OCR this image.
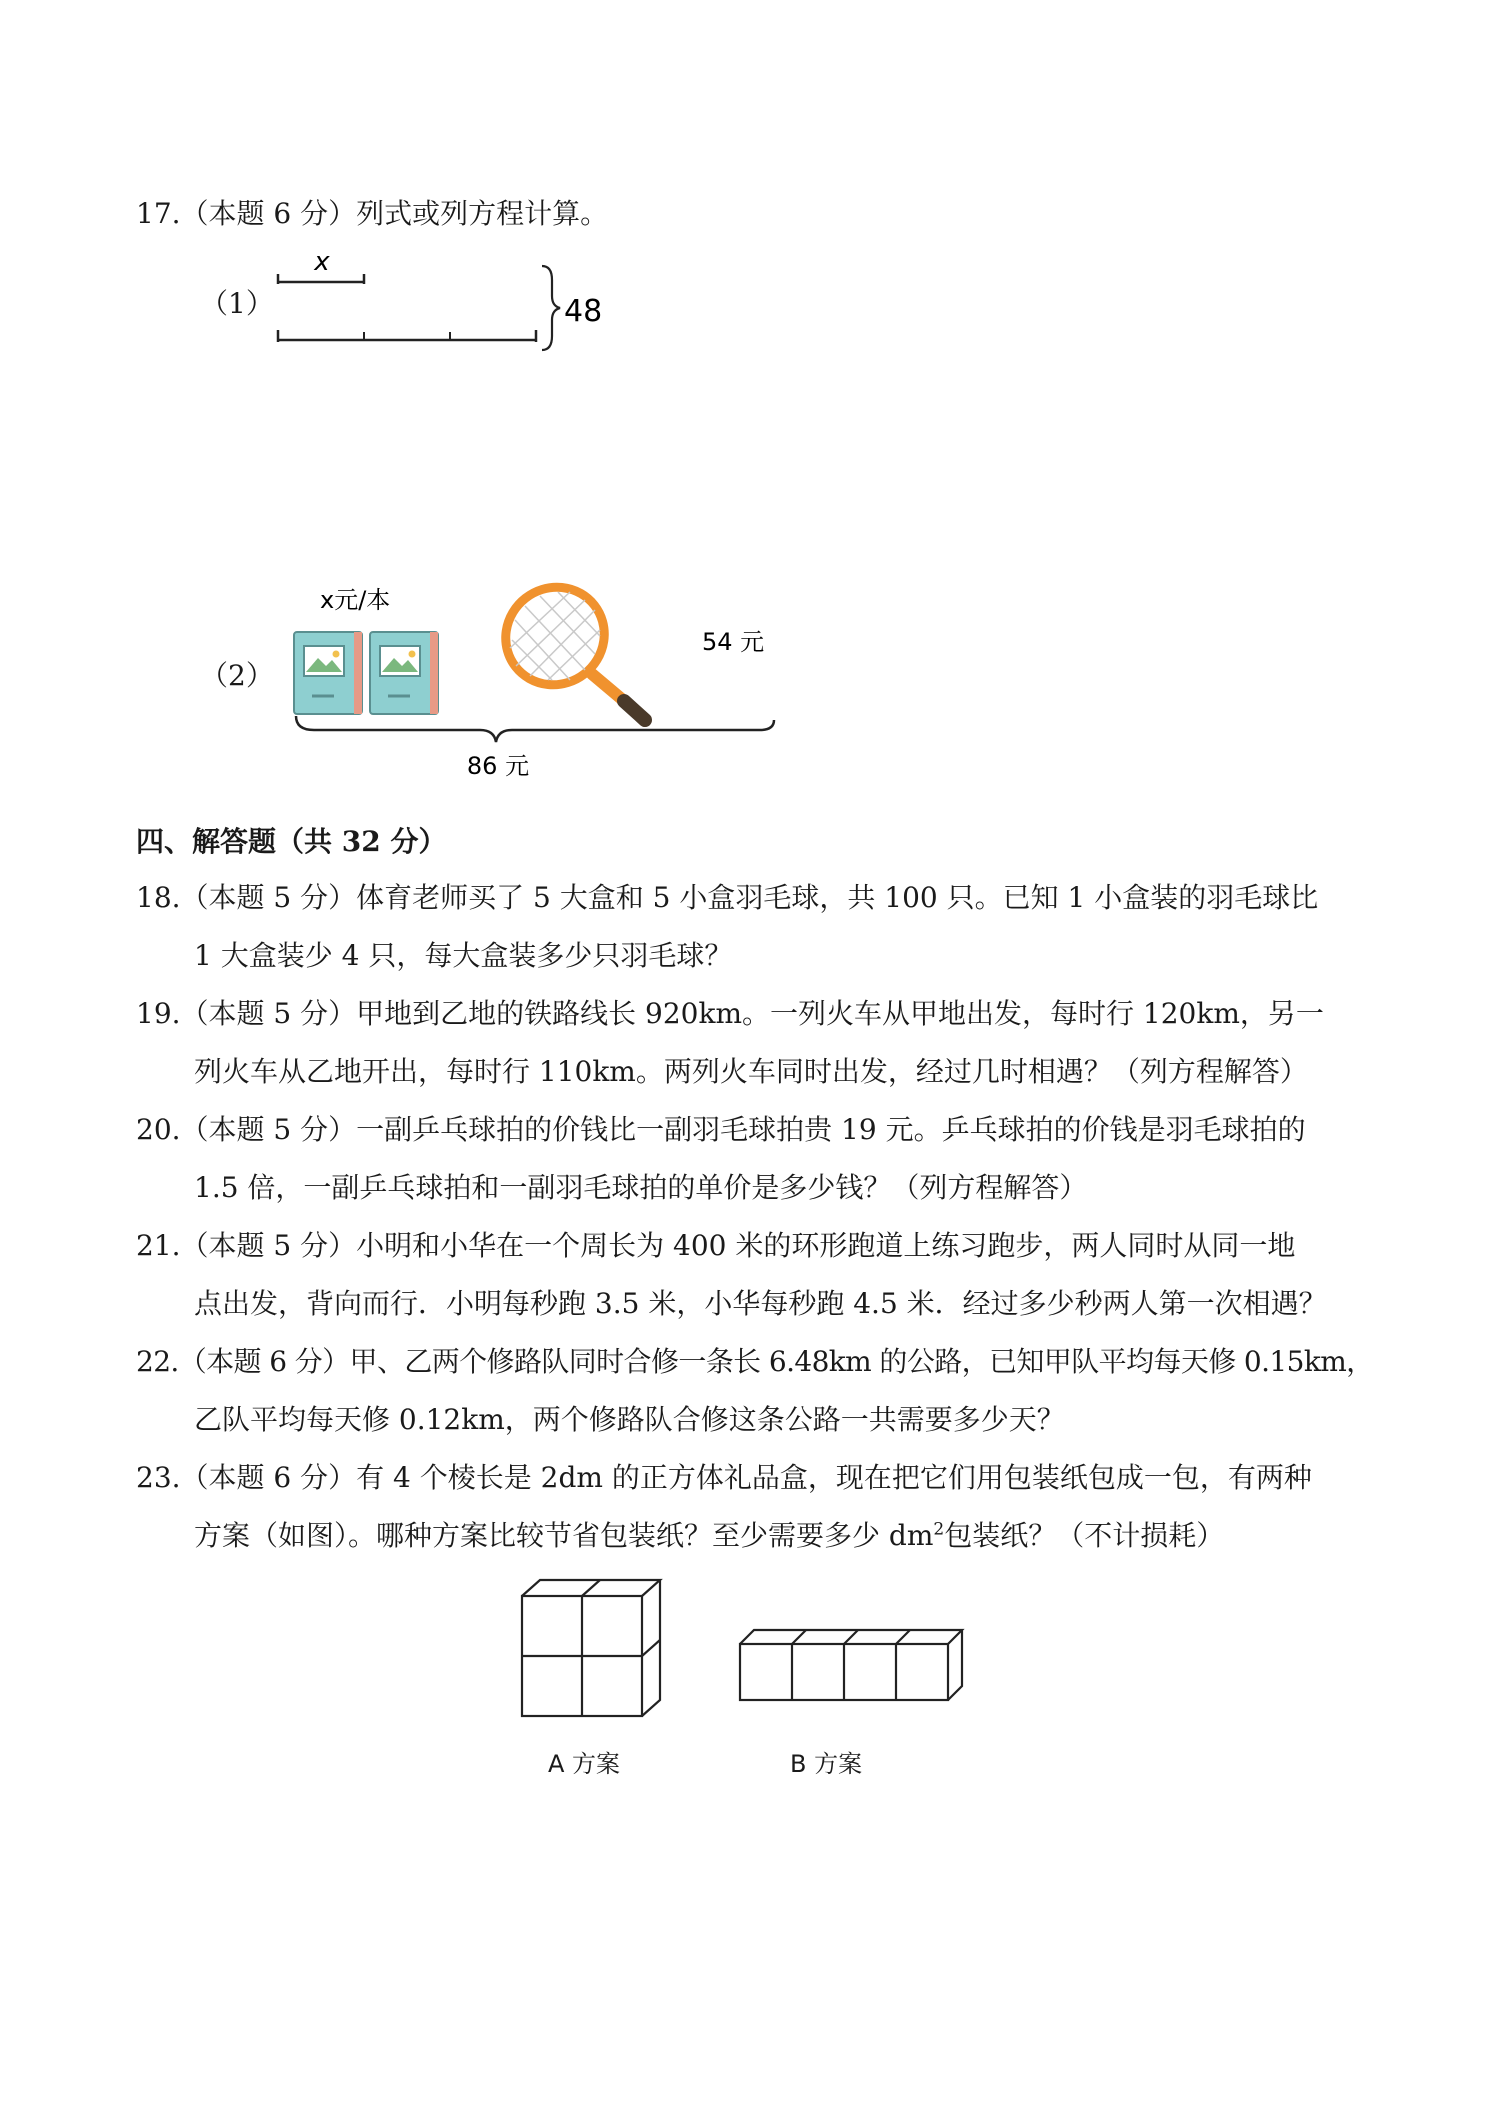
17.（本题 6 分）列式或列方程计算。
（1）
x
48
（2）
x元/本
54 元
86 元
四、解答题（共 32 分）
18.（本题 5 分）体育老师买了 5 大盒和 5 小盒羽毛球，共 100 只。已知 1 小盒装的羽毛球比
1 大盒装少 4 只，每大盒装多少只羽毛球？
19.（本题 5 分）甲地到乙地的铁路线长 920km。一列火车从甲地出发，每时行 120km，另一
列火车从乙地开出，每时行 110km。两列火车同时出发，经过几时相遇？（列方程解答）
20.（本题 5 分）一副乒乓球拍的价钱比一副羽毛球拍贵 19 元。乒乓球拍的价钱是羽毛球拍的
1.5 倍，一副乒乓球拍和一副羽毛球拍的单价是多少钱？（列方程解答）
21.（本题 5 分）小明和小华在一个周长为 400 米的环形跑道上练习跑步，两人同时从同一地
点出发，背向而行．小明每秒跑 3.5 米，小华每秒跑 4.5 米．经过多少秒两人第一次相遇？
22.（本题 6 分）甲、乙两个修路队同时合修一条长 6.48km 的公路，已知甲队平均每天修 0.15km，
乙队平均每天修 0.12km，两个修路队合修这条公路一共需要多少天？
23.（本题 6 分）有 4 个棱长是 2dm 的正方体礼品盒，现在把它们用包装纸包成一包，有两种
方案（如图）。哪种方案比较节省包装纸？至少需要多少 $dm^2$包装纸？（不计损耗）
A 方案	B 方案
